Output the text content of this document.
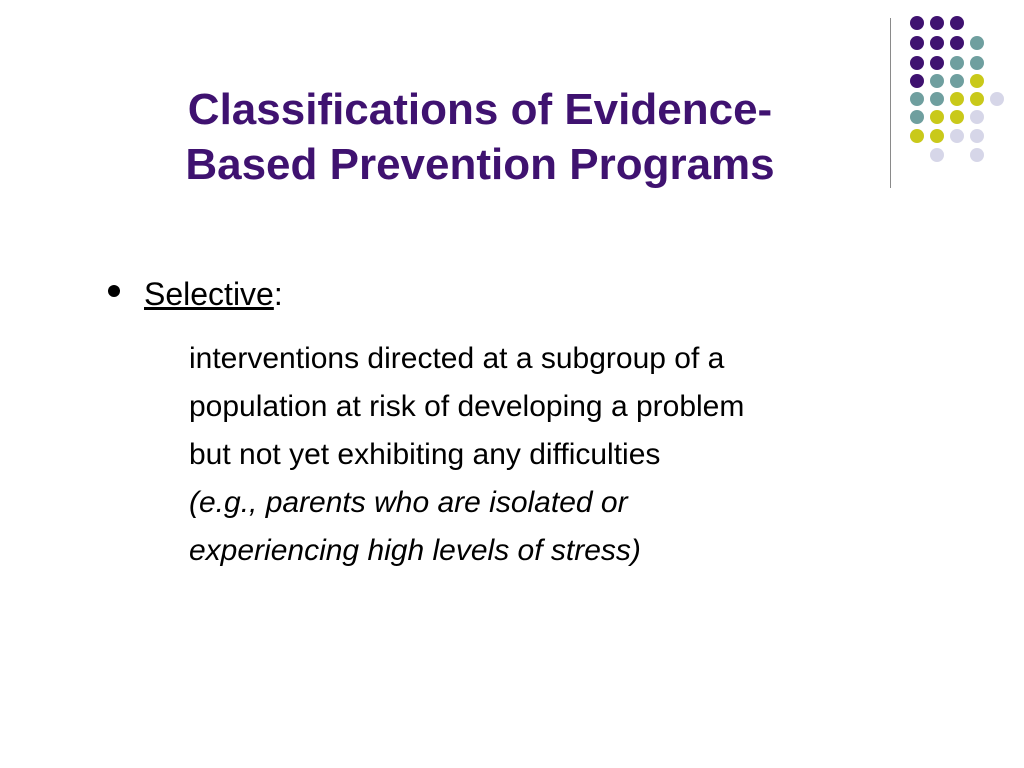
Classifications of Evidence-
Based Prevention Programs
Selective :
interventions directed at a subgroup of a
population at risk of developing a problem
but not yet exhibiting any difficulties
(e.g., parents who are isolated or
experiencing high levels of stress)
